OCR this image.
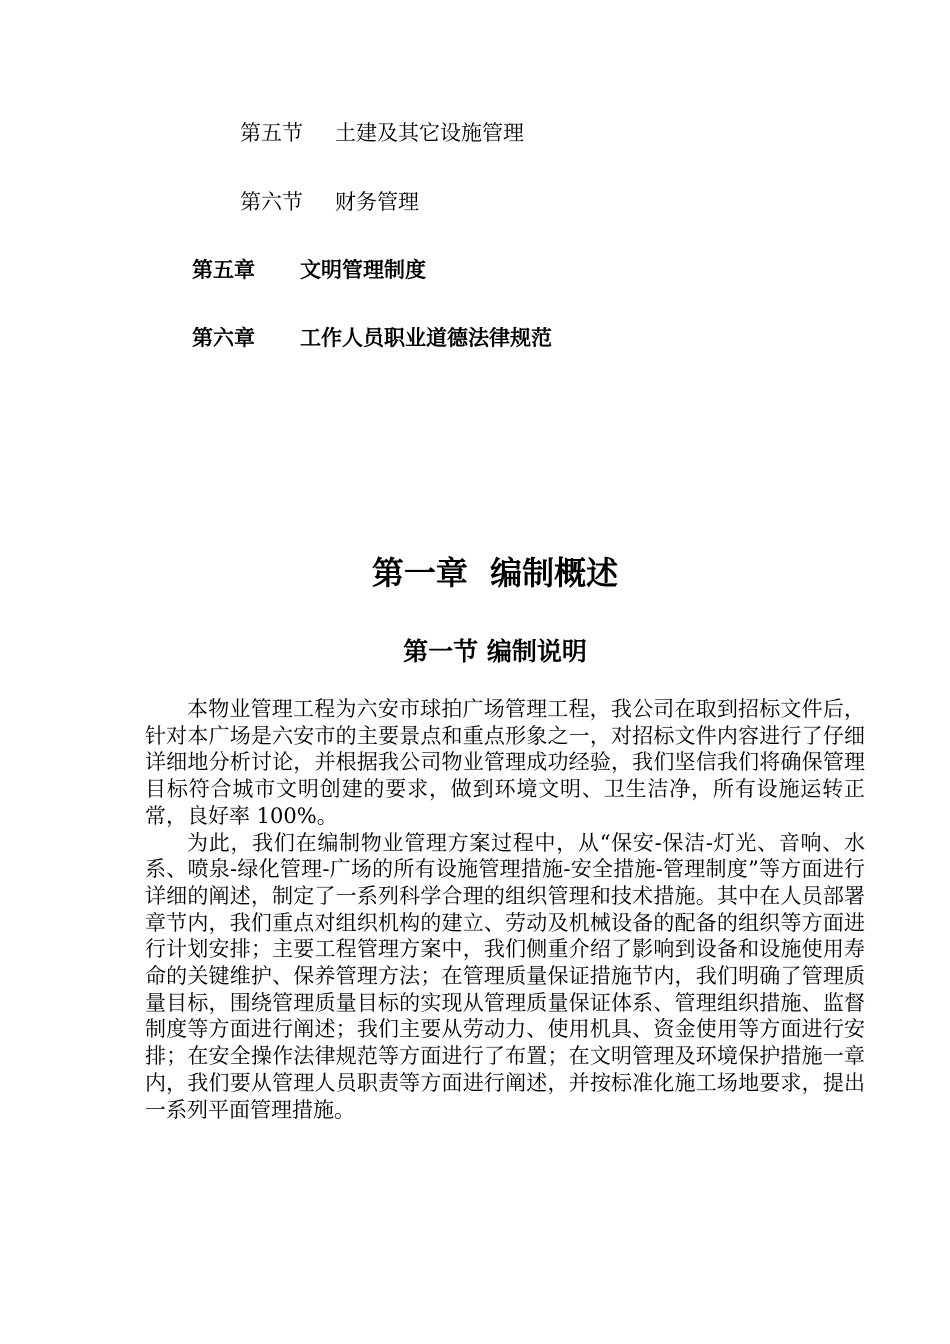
第五节 土建及其它设施管理
第六节 财务管理
第五章 文明管理制度
第六章 工作人员职业道德法律规范
第一章  编制概述
第一节 编制说明

本物业管理工程为六安市球拍广场管理工程，我公司在取到招标文件后，针对本广场是六安市的主要景点和重点形象之一，对招标文件内容进行了仔细详细地分析讨论，并根据我公司物业管理成功经验，我们坚信我们将确保管理目标符合城市文明创建的要求，做到环境文明、卫生洁净，所有设施运转正常，良好率 100%。

为此，我们在编制物业管理方案过程中，从“保安-保洁-灯光、音响、水系、喷泉-绿化管理-广场的所有设施管理措施-安全措施-管理制度”等方面进行详细的阐述，制定了一系列科学合理的组织管理和技术措施。其中在人员部署章节内，我们重点对组织机构的建立、劳动及机械设备的配备的组织等方面进行计划安排；主要工程管理方案中，我们侧重介绍了影响到设备和设施使用寿命的关键维护、保养管理方法；在管理质量保证措施节内，我们明确了管理质量目标，围绕管理质量目标的实现从管理质量保证体系、管理组织措施、监督制度等方面进行阐述；我们主要从劳动力、使用机具、资金使用等方面进行安排；在安全操作法律规范等方面进行了布置；在文明管理及环境保护措施一章内，我们要从管理人员职责等方面进行阐述，并按标准化施工场地要求，提出一系列平面管理措施。
